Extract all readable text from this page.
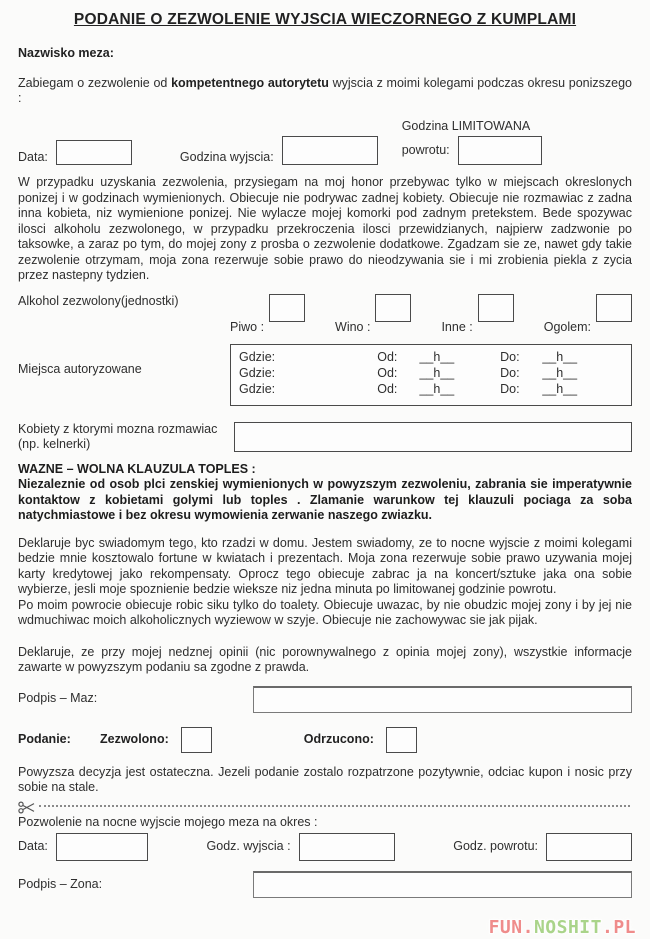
PODANIE O ZEZWOLENIE WYJSCIA WIECZORNEGO Z KUMPLAMI
Nazwisko meza:
Zabiegam o zezwolenie od kompetentnego autorytetu wyjscia z moimi kolegami podczas okresu ponizszego :
Data:	Godzina wyjscia:
Godzina LIMITOWANA
powrotu:
W przypadku uzyskania zezwolenia, przysiegam na moj honor przebywac tylko w miejscach okreslonych ponizej i w godzinach wymienionych. Obiecuje nie podrywac zadnej kobiety. Obiecuje nie rozmawiac z zadna inna kobieta, niz wymienione ponizej. Nie wylacze mojej komorki pod zadnym pretekstem. Bede spozywac ilosci alkoholu zezwolonego, w przypadku przekroczenia ilosci przewidzianych, najpierw zadzwonie po taksowke, a zaraz po tym, do mojej zony z prosba o zezwolenie dodatkowe. Zgadzam sie ze, nawet gdy takie zezwolenie otrzymam, moja zona rezerwuje sobie prawo do nieodzywania sie i mi zrobienia piekla z zycia przez nastepny tydzien.
Alkohol zezwolony(jednostki)
Piwo :	Wino :	Inne :	Ogolem:
Miejsca autoryzowane
Gdzie:	Od:	__h__	Do:	__h__
Gdzie:	Od:	__h__	Do:	__h__
Gdzie:	Od:	__h__	Do:	__h__
Kobiety z ktorymi mozna rozmawiac
(np. kelnerki)
WAZNE – WOLNA KLAUZULA TOPLES :
Niezaleznie od osob plci zenskiej wymienionych w powyzszym zezwoleniu, zabrania sie imperatywnie kontaktow z kobietami golymi lub toples . Zlamanie warunkow tej klauzuli pociaga za soba natychmiastowe i bez okresu wymowienia zerwanie naszego zwiazku.
Deklaruje byc swiadomym tego, kto rzadzi w domu. Jestem swiadomy, ze to nocne wyjscie z moimi kolegami bedzie mnie kosztowalo fortune w kwiatach i prezentach. Moja zona rezerwuje sobie prawo uzywania mojej karty kredytowej jako rekompensaty. Oprocz tego obiecuje zabrac ja na koncert/sztuke jaka ona sobie wybierze, jesli moje spoznienie bedzie wieksze niz jedna minuta po limitowanej godzinie powrotu.
Po moim powrocie obiecuje robic siku tylko do toalety. Obiecuje uwazac, by nie obudzic mojej zony i by jej nie wdmuchiwac moich alkoholicznych wyziewow w szyje. Obiecuje nie zachowywac sie jak pijak.
Deklaruje, ze przy mojej nedznej opinii (nic porownywalnego z opinia mojej zony), wszystkie informacje zawarte w powyzszym podaniu sa zgodne z prawda.
Podpis – Maz:
Podanie:	Zezwolono:	Odrzucono:
Powyzsza decyzja jest ostateczna. Jezeli podanie zostalo rozpatrzone pozytywnie, odciac kupon i nosic przy sobie na stale.
Pozwolenie na nocne wyjscie mojego meza na okres :
Data:	Godz. wyjscia :	Godz. powrotu:
Podpis – Zona:
FUN.NOSHIT.PL
